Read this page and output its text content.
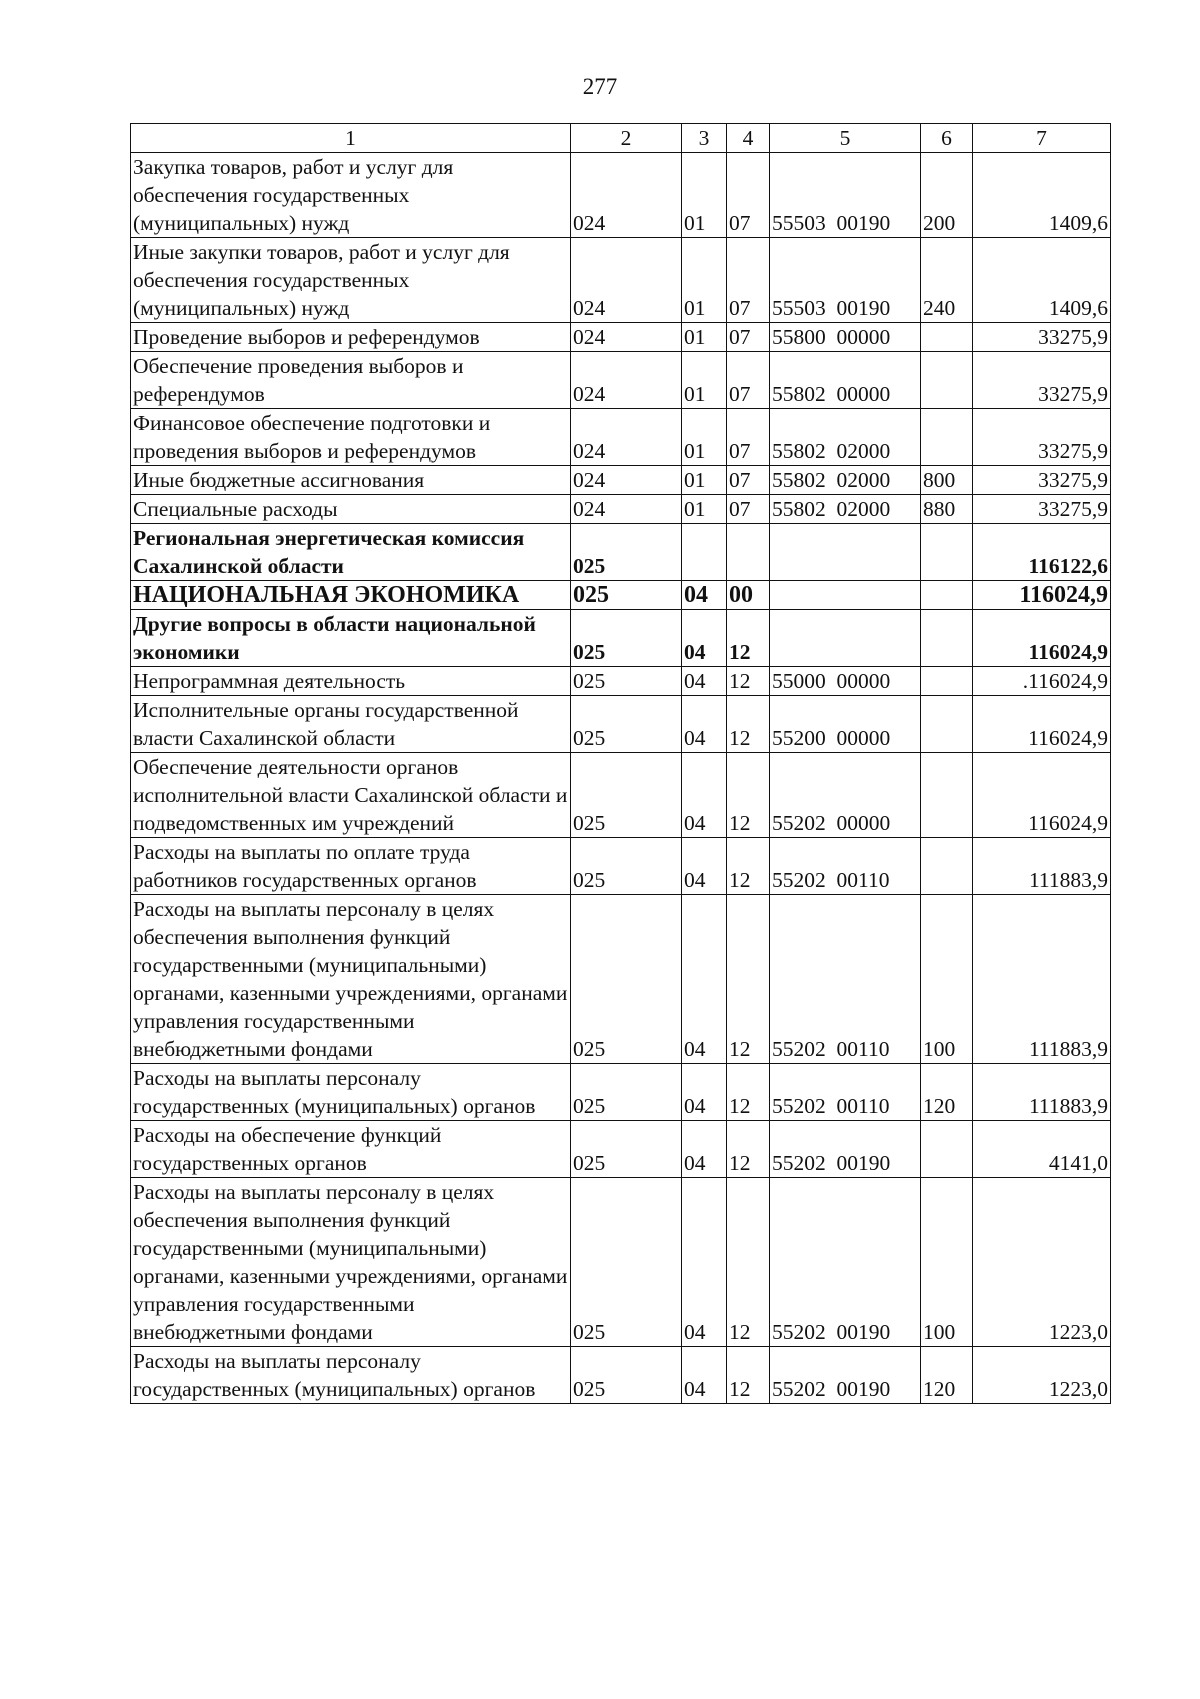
277
1	2	3	4	5	6	7
Закупка товаров, работ и услуг для обеспечения государственных (муниципальных) нужд	024	01	07	55503  00190	200	1409,6
Иные закупки товаров, работ и услуг для обеспечения государственных (муниципальных) нужд	024	01	07	55503  00190	240	1409,6
Проведение выборов и референдумов	024	01	07	55800  00000		33275,9
Обеспечение проведения выборов и референдумов	024	01	07	55802  00000		33275,9
Финансовое обеспечение подготовки и проведения выборов и референдумов	024	01	07	55802  02000		33275,9
Иные бюджетные ассигнования	024	01	07	55802  02000	800	33275,9
Специальные расходы	024	01	07	55802  02000	880	33275,9
Региональная энергетическая комиссия Сахалинской области	025					116122,6
НАЦИОНАЛЬНАЯ ЭКОНОМИКА	025	04	00			116024,9
Другие вопросы в области национальной экономики	025	04	12			116024,9
Непрограммная деятельность	025	04	12	55000  00000		.116024,9
Исполнительные органы государственной власти Сахалинской области	025	04	12	55200  00000		116024,9
Обеспечение деятельности органов исполнительной власти Сахалинской области и подведомственных им учреждений	025	04	12	55202  00000		116024,9
Расходы на выплаты по оплате труда работников государственных органов	025	04	12	55202  00110		111883,9
Расходы на выплаты персоналу в целях обеспечения выполнения функций государственными (муниципальными) органами, казенными учреждениями, органами управления государственными внебюджетными фондами	025	04	12	55202  00110	100	111883,9
Расходы на выплаты персоналу государственных (муниципальных) органов	025	04	12	55202  00110	120	111883,9
Расходы на обеспечение функций государственных органов	025	04	12	55202  00190		4141,0
Расходы на выплаты персоналу в целях обеспечения выполнения функций государственными (муниципальными) органами, казенными учреждениями, органами управления государственными внебюджетными фондами	025	04	12	55202  00190	100	1223,0
Расходы на выплаты персоналу государственных (муниципальных) органов	025	04	12	55202  00190	120	1223,0
